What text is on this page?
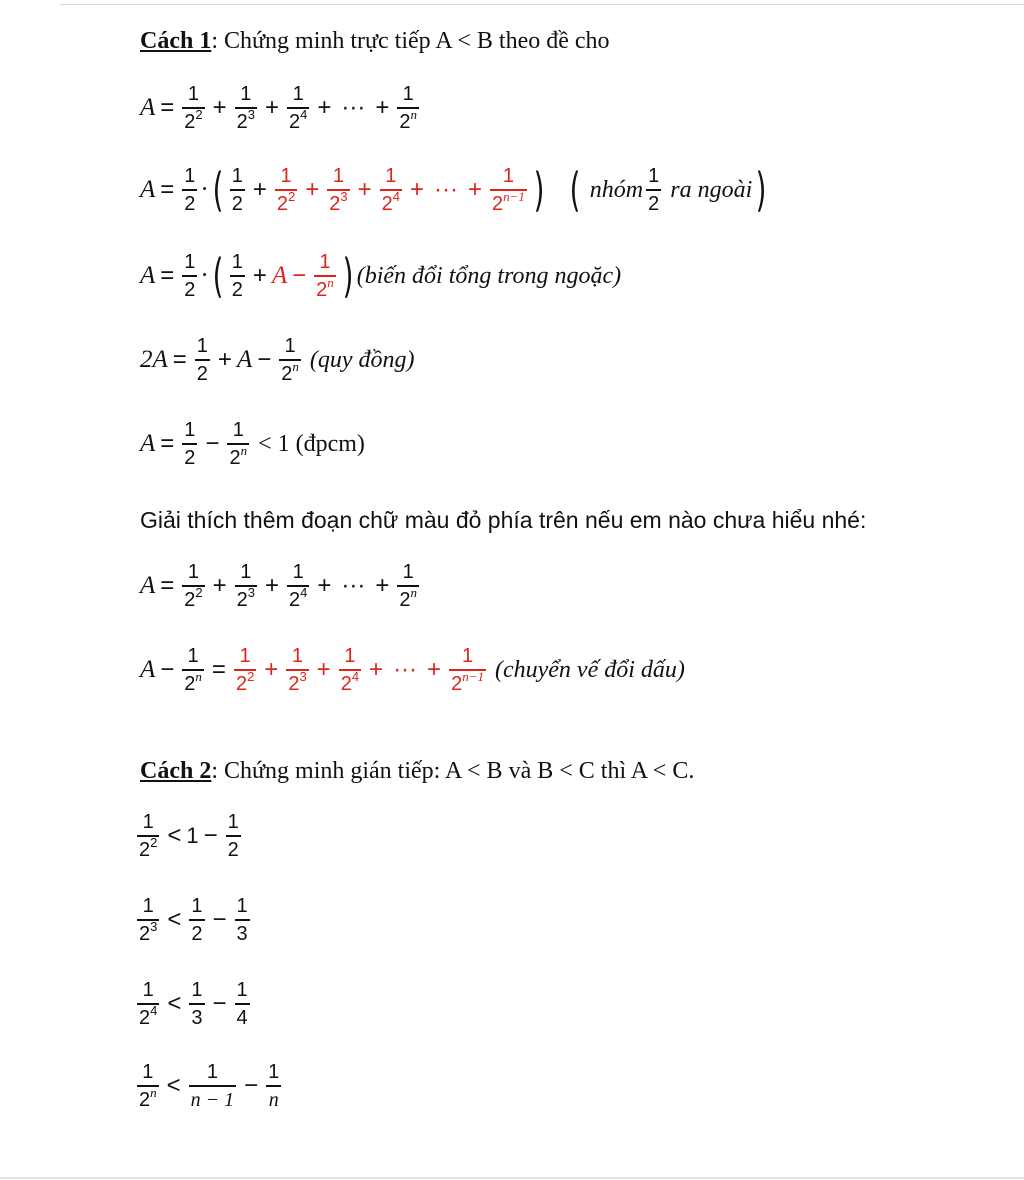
Cách 1: Chứng minh trực tiếp A < B theo đề cho
$A = \frac{1}{2^2} + \frac{1}{2^3} + \frac{1}{2^4}$ + ··· + $\frac{1}{2^n}$
$A = \frac{1}{2}$ · ( $\frac{1}{2} + \frac{1}{2^2} + \frac{1}{2^3} + \frac{1}{2^4}$ + ··· + $\frac{1}{2^{n-1}}$ ) ( nhóm $\frac{1}{2}$ ra ngoài )
$A = \frac{1}{2}$ · ( $\frac{1}{2} + A - \frac{1}{2^n}$ ) (biến đổi tổng trong ngoặc)
$2A = \frac{1}{2} + A - \frac{1}{2^n} (quy$ đồng)
$A = \frac{1}{2} - \frac{1}{2^n} < 1$ (đpcm)
Giải thích thêm đoạn chữ màu đỏ phía trên nếu em nào chưa hiểu nhé:
$A = \frac{1}{2^2} + \frac{1}{2^3} + \frac{1}{2^4}$ + ··· + $\frac{1}{2^n}$
$A - \frac{1}{2^n} = \frac{1}{2^2} + \frac{1}{2^3} + \frac{1}{2^4}$ + ··· + $\frac{1}{2^{n-1}}$ (chuyển vế đổi dấu)
Cách 2: Chứng minh gián tiếp: A < B và B < C thì A < C.
$\frac{1}{2^2} < 1 - \frac{1}{2}$
$\frac{1}{2^3} < \frac{1}{2} - \frac{1}{3}$
$\frac{1}{2^4} < \frac{1}{3} - \frac{1}{4}$
$\frac{1}{2^n} < \frac{1}{n - 1} - \frac{1}{n}$
